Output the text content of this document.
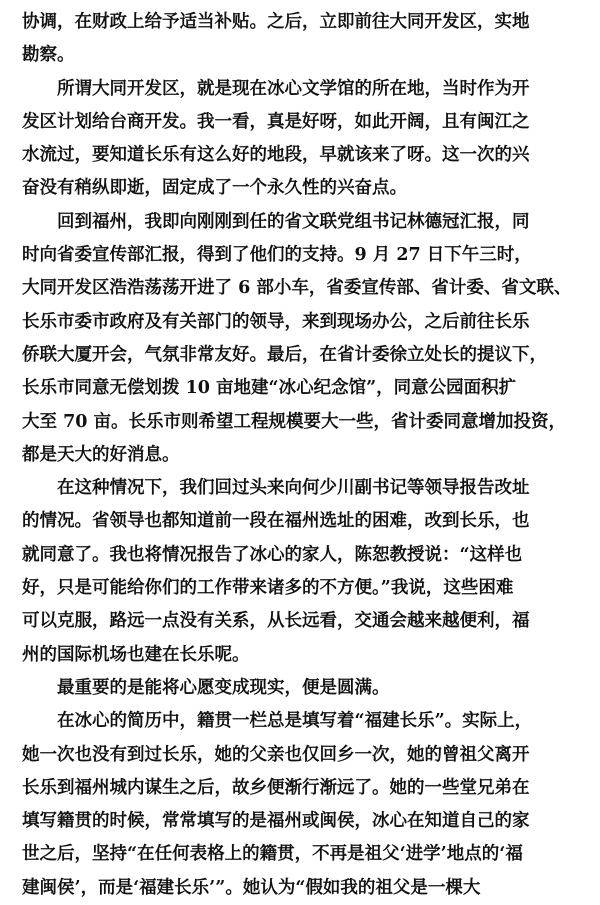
协调，在财政上给予适当补贴。之后，立即前往大同开发区，实地
勘察。
所谓大同开发区，就是现在冰心文学馆的所在地，当时作为开
发区计划给台商开发。我一看，真是好呀，如此开阔，且有闽江之
水流过，要知道长乐有这么好的地段，早就该来了呀。这一次的兴
奋没有稍纵即逝，固定成了一个永久性的兴奋点。
回到福州，我即向刚刚到任的省文联党组书记林德冠汇报，同
时向省委宣传部汇报，得到了他们的支持。9 月 27 日下午三时，
大同开发区浩浩荡荡开进了 6 部小车，省委宣传部、省计委、省文联、
长乐市委市政府及有关部门的领导，来到现场办公，之后前往长乐
侨联大厦开会，气氛非常友好。最后，在省计委徐立处长的提议下，
长乐市同意无偿划拨 10 亩地建“冰心纪念馆”，同意公园面积扩
大至 70 亩。长乐市则希望工程规模要大一些，省计委同意增加投资，
都是天大的好消息。
在这种情况下，我们回过头来向何少川副书记等领导报告改址
的情况。省领导也都知道前一段在福州选址的困难，改到长乐，也
就同意了。我也将情况报告了冰心的家人，陈恕教授说：“这样也
好，只是可能给你们的工作带来诸多的不方便。”我说，这些困难
可以克服，路远一点没有关系，从长远看，交通会越来越便利，福
州的国际机场也建在长乐呢。
最重要的是能将心愿变成现实，便是圆满。
在冰心的简历中，籍贯一栏总是填写着“福建长乐”。实际上，
她一次也没有到过长乐，她的父亲也仅回乡一次，她的曾祖父离开
长乐到福州城内谋生之后，故乡便渐行渐远了。她的一些堂兄弟在
填写籍贯的时候，常常填写的是福州或闽侯，冰心在知道自己的家
世之后，坚持“在任何表格上的籍贯，不再是祖父‘进学’地点的‘福
建闽侯’，而是‘福建长乐’”。她认为“假如我的祖父是一棵大
